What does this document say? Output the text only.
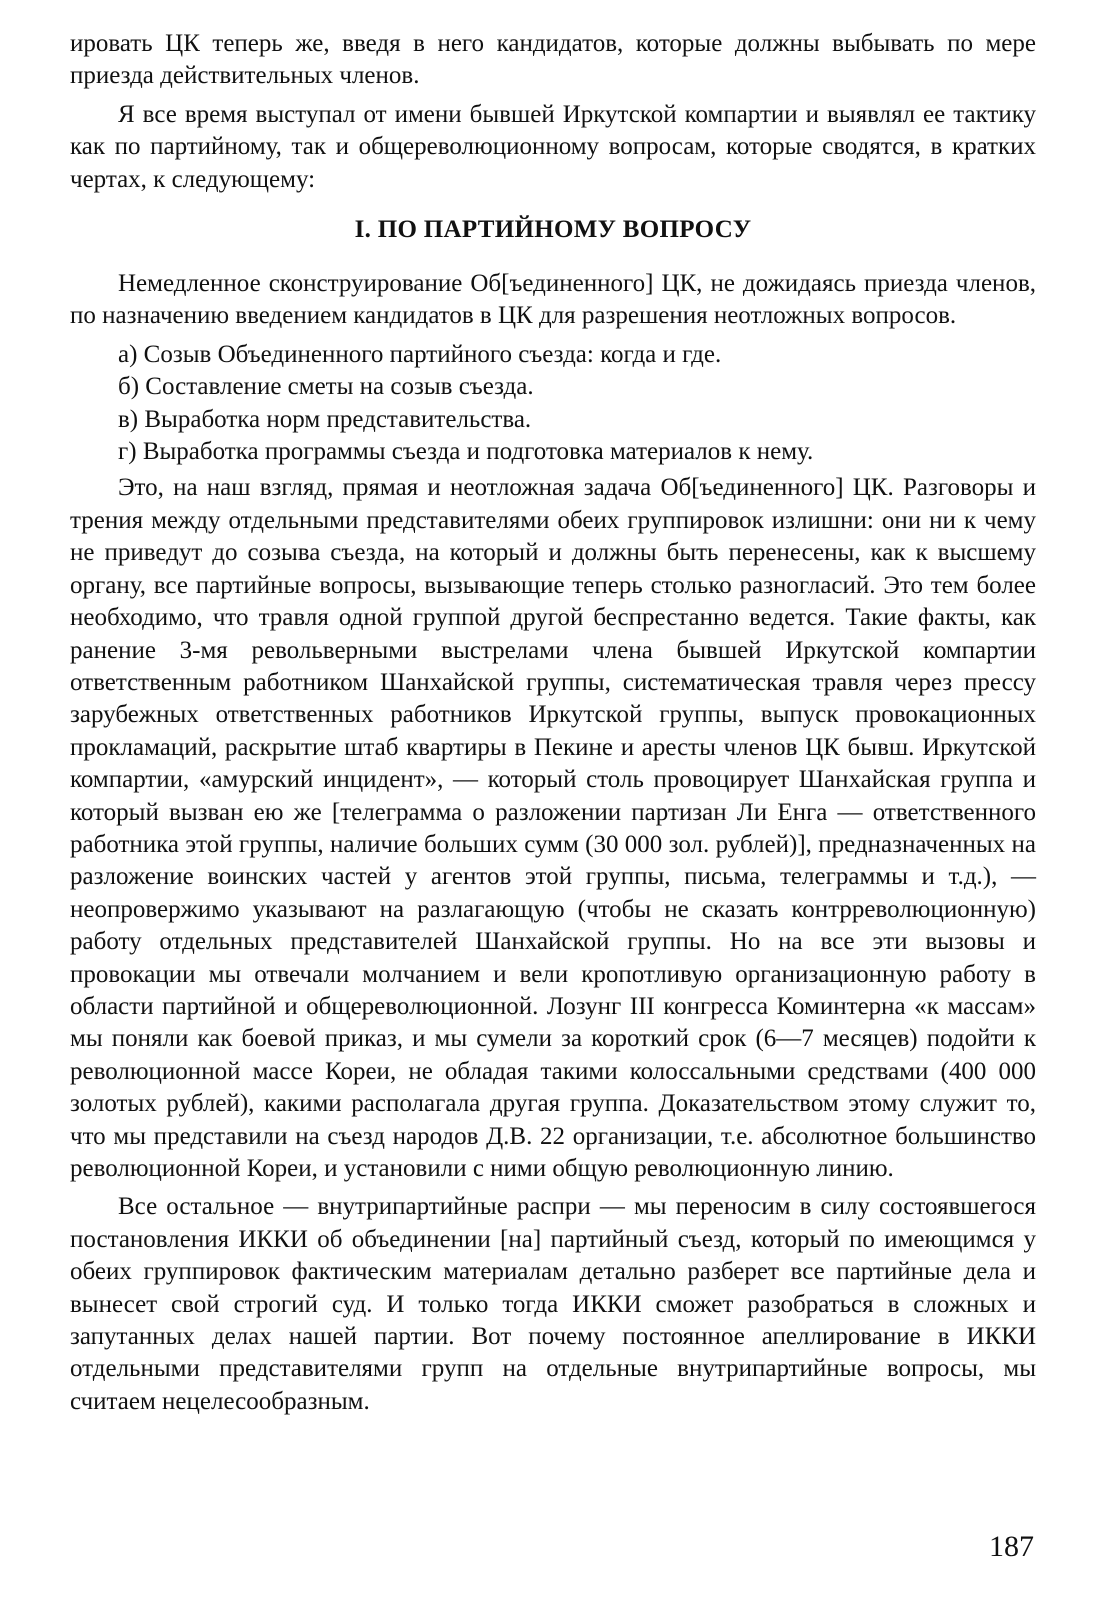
ировать ЦК теперь же, введя в него кандидатов, которые должны выбывать по мере приезда действительных членов.

Я все время выступал от имени бывшей Иркутской компартии и выявлял ее тактику как по партийному, так и общереволюционному вопросам, которые сводятся, в кратких чертах, к следующему:

I. ПО ПАРТИЙНОМУ ВОПРОСУ

Немедленное сконструирование Об[ъединенного] ЦК, не дожидаясь приезда членов, по назначению введением кандидатов в ЦК для разрешения неотложных вопросов.

а) Созыв Объединенного партийного съезда: когда и где.
б) Составление сметы на созыв съезда.
в) Выработка норм представительства.
г) Выработка программы съезда и подготовка материалов к нему.

Это, на наш взгляд, прямая и неотложная задача Об[ъединенного] ЦК. Разговоры и трения между отдельными представителями обеих группировок излишни: они ни к чему не приведут до созыва съезда, на который и должны быть перенесены, как к высшему органу, все партийные вопросы, вызывающие теперь столько разногласий. Это тем более необходимо, что травля одной группой другой беспрестанно ведется. Такие факты, как ранение 3-мя револьверными выстрелами члена бывшей Иркутской компартии ответственным работником Шанхайской группы, систематическая травля через прессу зарубежных ответственных работников Иркутской группы, выпуск провокационных прокламаций, раскрытие штаб квартиры в Пекине и аресты членов ЦК бывш. Иркутской компартии, «амурский инцидент», — который столь провоцирует Шанхайская группа и который вызван ею же [телеграмма о разложении партизан Ли Енга — ответственного работника этой группы, наличие больших сумм (30 000 зол. рублей)], предназначенных на разложение воинских частей у агентов этой группы, письма, телеграммы и т.д.), — неопровержимо указывают на разлагающую (чтобы не сказать контрреволюционную) работу отдельных представителей Шанхайской группы. Но на все эти вызовы и провокации мы отвечали молчанием и вели кропотливую организационную работу в области партийной и общереволюционной. Лозунг III конгресса Коминтерна «к массам» мы поняли как боевой приказ, и мы сумели за короткий срок (6—7 месяцев) подойти к революционной массе Кореи, не обладая такими колоссальными средствами (400 000 золотых рублей), какими располагала другая группа. Доказательством этому служит то, что мы представили на съезд народов Д.В. 22 организации, т.е. абсолютное большинство революционной Кореи, и установили с ними общую революционную линию.

Все остальное — внутрипартийные распри — мы переносим в силу состоявшегося постановления ИККИ об объединении [на] партийный съезд, который по имеющимся у обеих группировок фактическим материалам детально разберет все партийные дела и вынесет свой строгий суд. И только тогда ИККИ сможет разобраться в сложных и запутанных делах нашей партии. Вот почему постоянное апеллирование в ИККИ отдельными представителями групп на отдельные внутрипартийные вопросы, мы считаем нецелесообразным.

187
